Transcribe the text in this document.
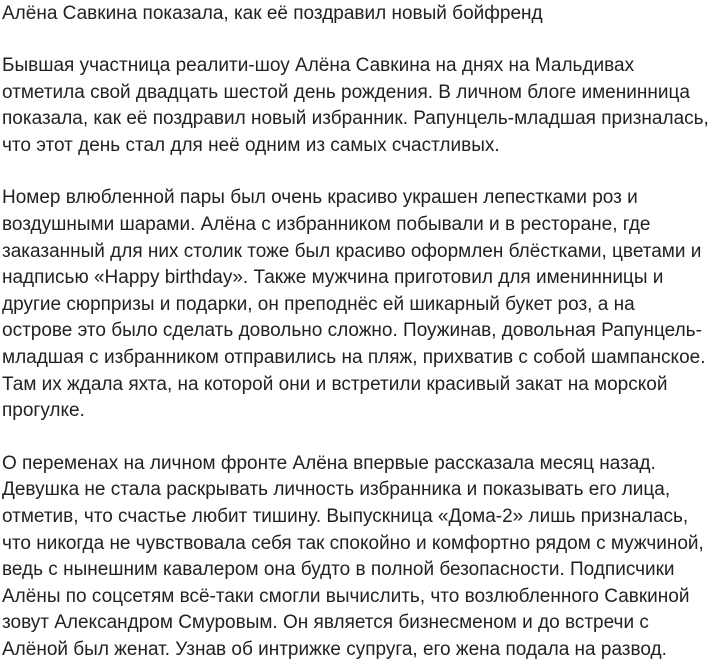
Алёна Савкина показала, как её поздравил новый бойфренд

Бывшая участница реалити-шоу Алёна Савкина на днях на Мальдивах отметила свой двадцать шестой день рождения. В личном блоге именинница показала, как её поздравил новый избранник. Рапунцель-младшая призналась, что этот день стал для неё одним из самых счастливых.

Номер влюбленной пары был очень красиво украшен лепестками роз и воздушными шарами. Алёна с избранником побывали и в ресторане, где заказанный для них столик тоже был красиво оформлен блёстками, цветами и надписью «Happy birthday». Также мужчина приготовил для именинницы и другие сюрпризы и подарки, он преподнёс ей шикарный букет роз, а на острове это было сделать довольно сложно. Поужинав, довольная Рапунцель-младшая с избранником отправились на пляж, прихватив с собой шампанское. Там их ждала яхта, на которой они и встретили красивый закат на морской прогулке.

О переменах на личном фронте Алёна впервые рассказала месяц назад. Девушка не стала раскрывать личность избранника и показывать его лица, отметив, что счастье любит тишину. Выпускница «Дома-2» лишь призналась, что никогда не чувствовала себя так спокойно и комфортно рядом с мужчиной, ведь с нынешним кавалером она будто в полной безопасности. Подписчики Алёны по соцсетям всё-таки смогли вычислить, что возлюбленного Савкиной зовут Александром Смуровым. Он является бизнесменом и до встречи с Алёной был женат. Узнав об интрижке супруга, его жена подала на развод.
